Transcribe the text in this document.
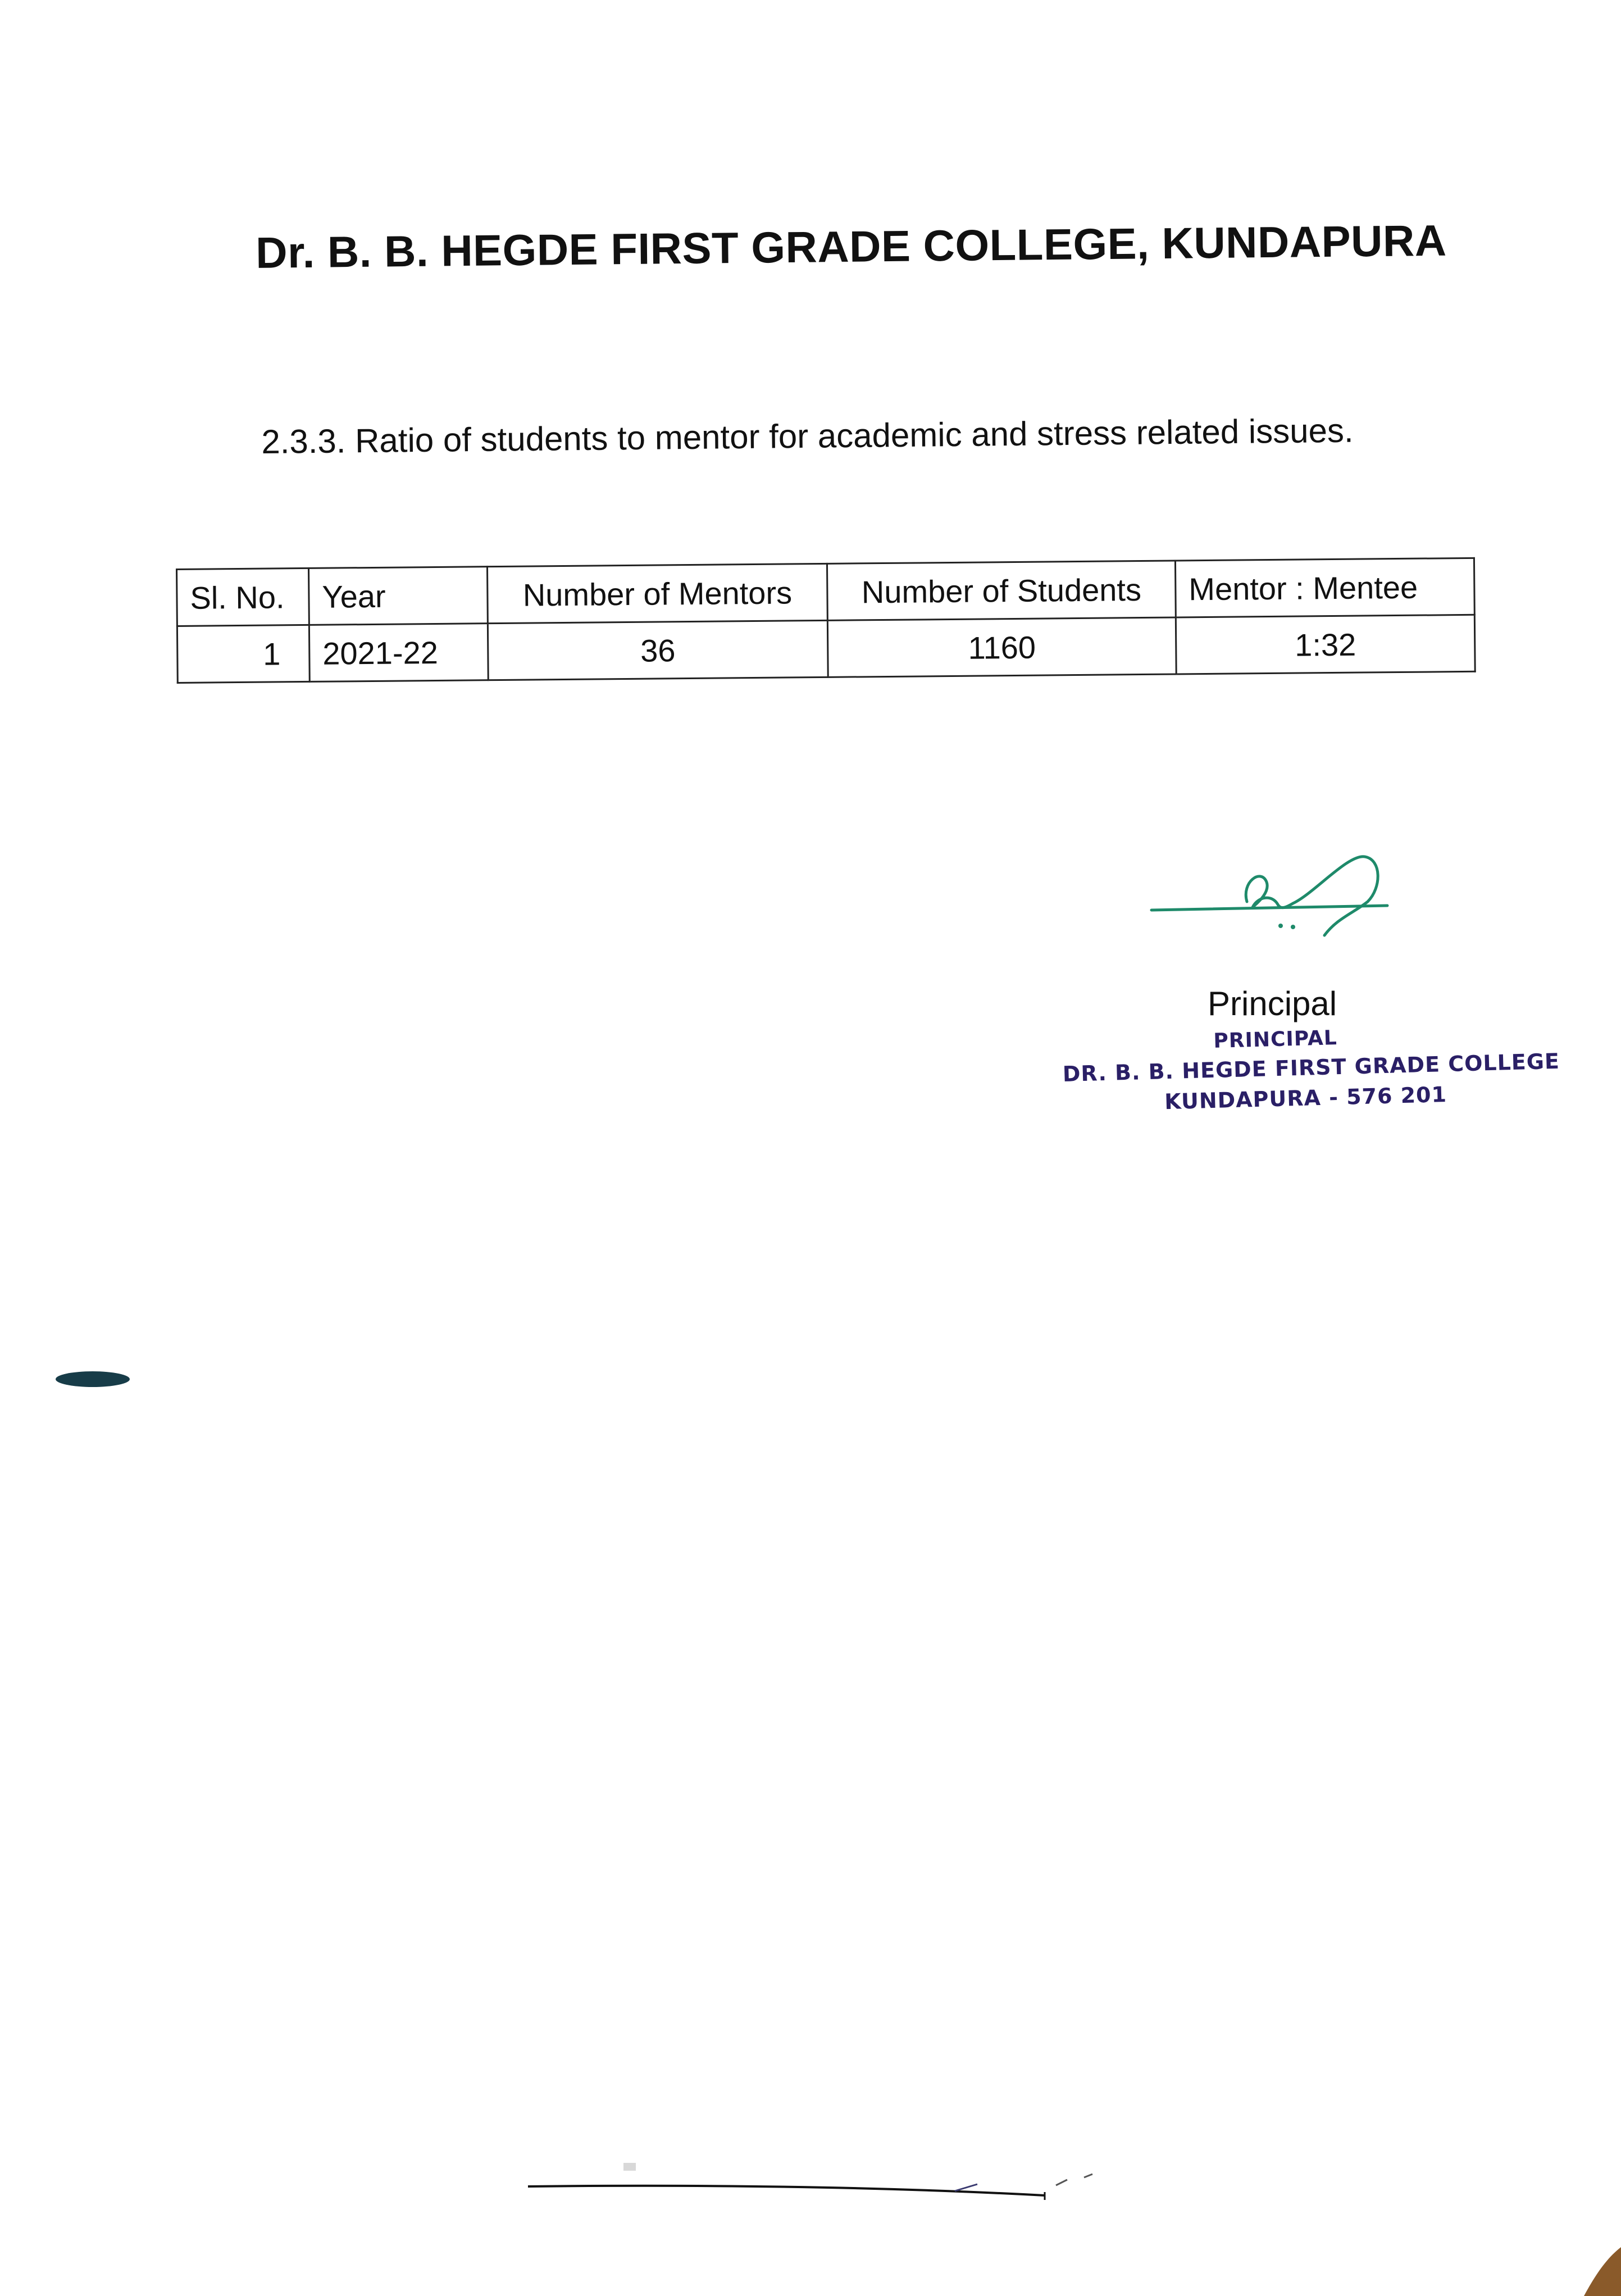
Dr. B. B. HEGDE FIRST GRADE COLLEGE, KUNDAPURA
2.3.3. Ratio of students to mentor for academic and stress related issues.
Sl. No.	Year	Number of Mentors	Number of Students	Mentor : Mentee
1	2021-22	36	1160	1:32
Principal
PRINCIPAL
DR. B. B. HEGDE FIRST GRADE COLLEGE
KUNDAPURA - 576 201
